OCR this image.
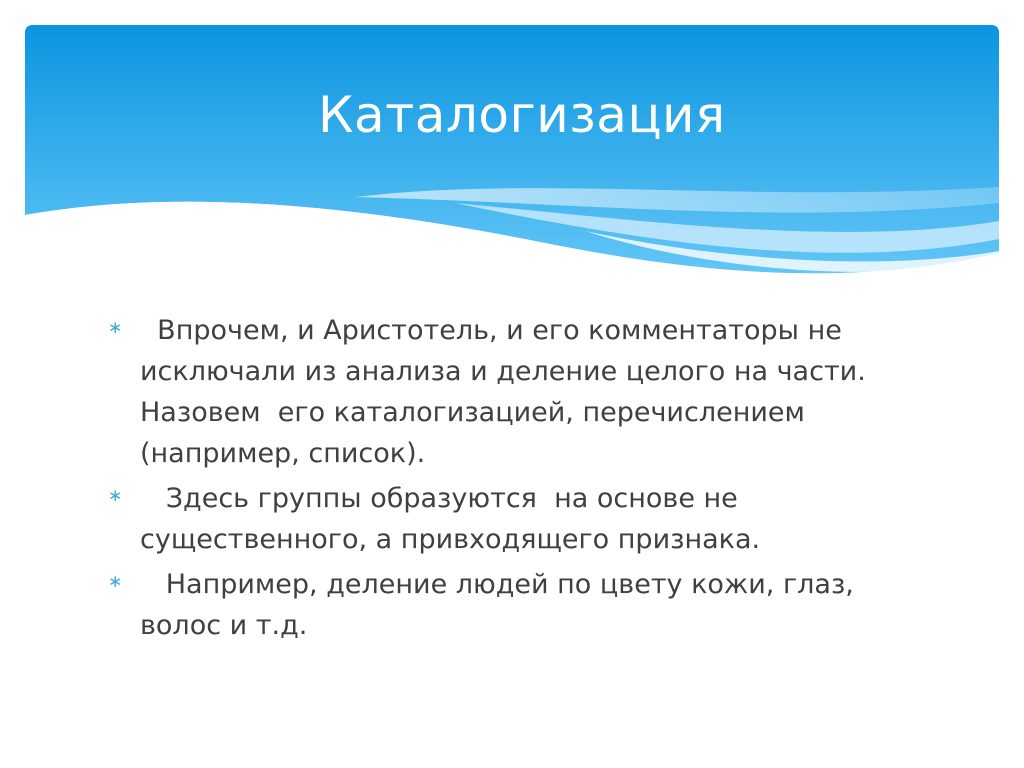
Каталогизация
∗ Впрочем, и Аристотель, и его комментаторы не исключали из анализа и деление целого на части. Назовем  его каталогизацией, перечислением (например, список).
∗ Здесь группы образуются  на основе не существенного, а привходящего признака.
∗ Например, деление людей по цвету кожи, глаз, волос и т.д.
